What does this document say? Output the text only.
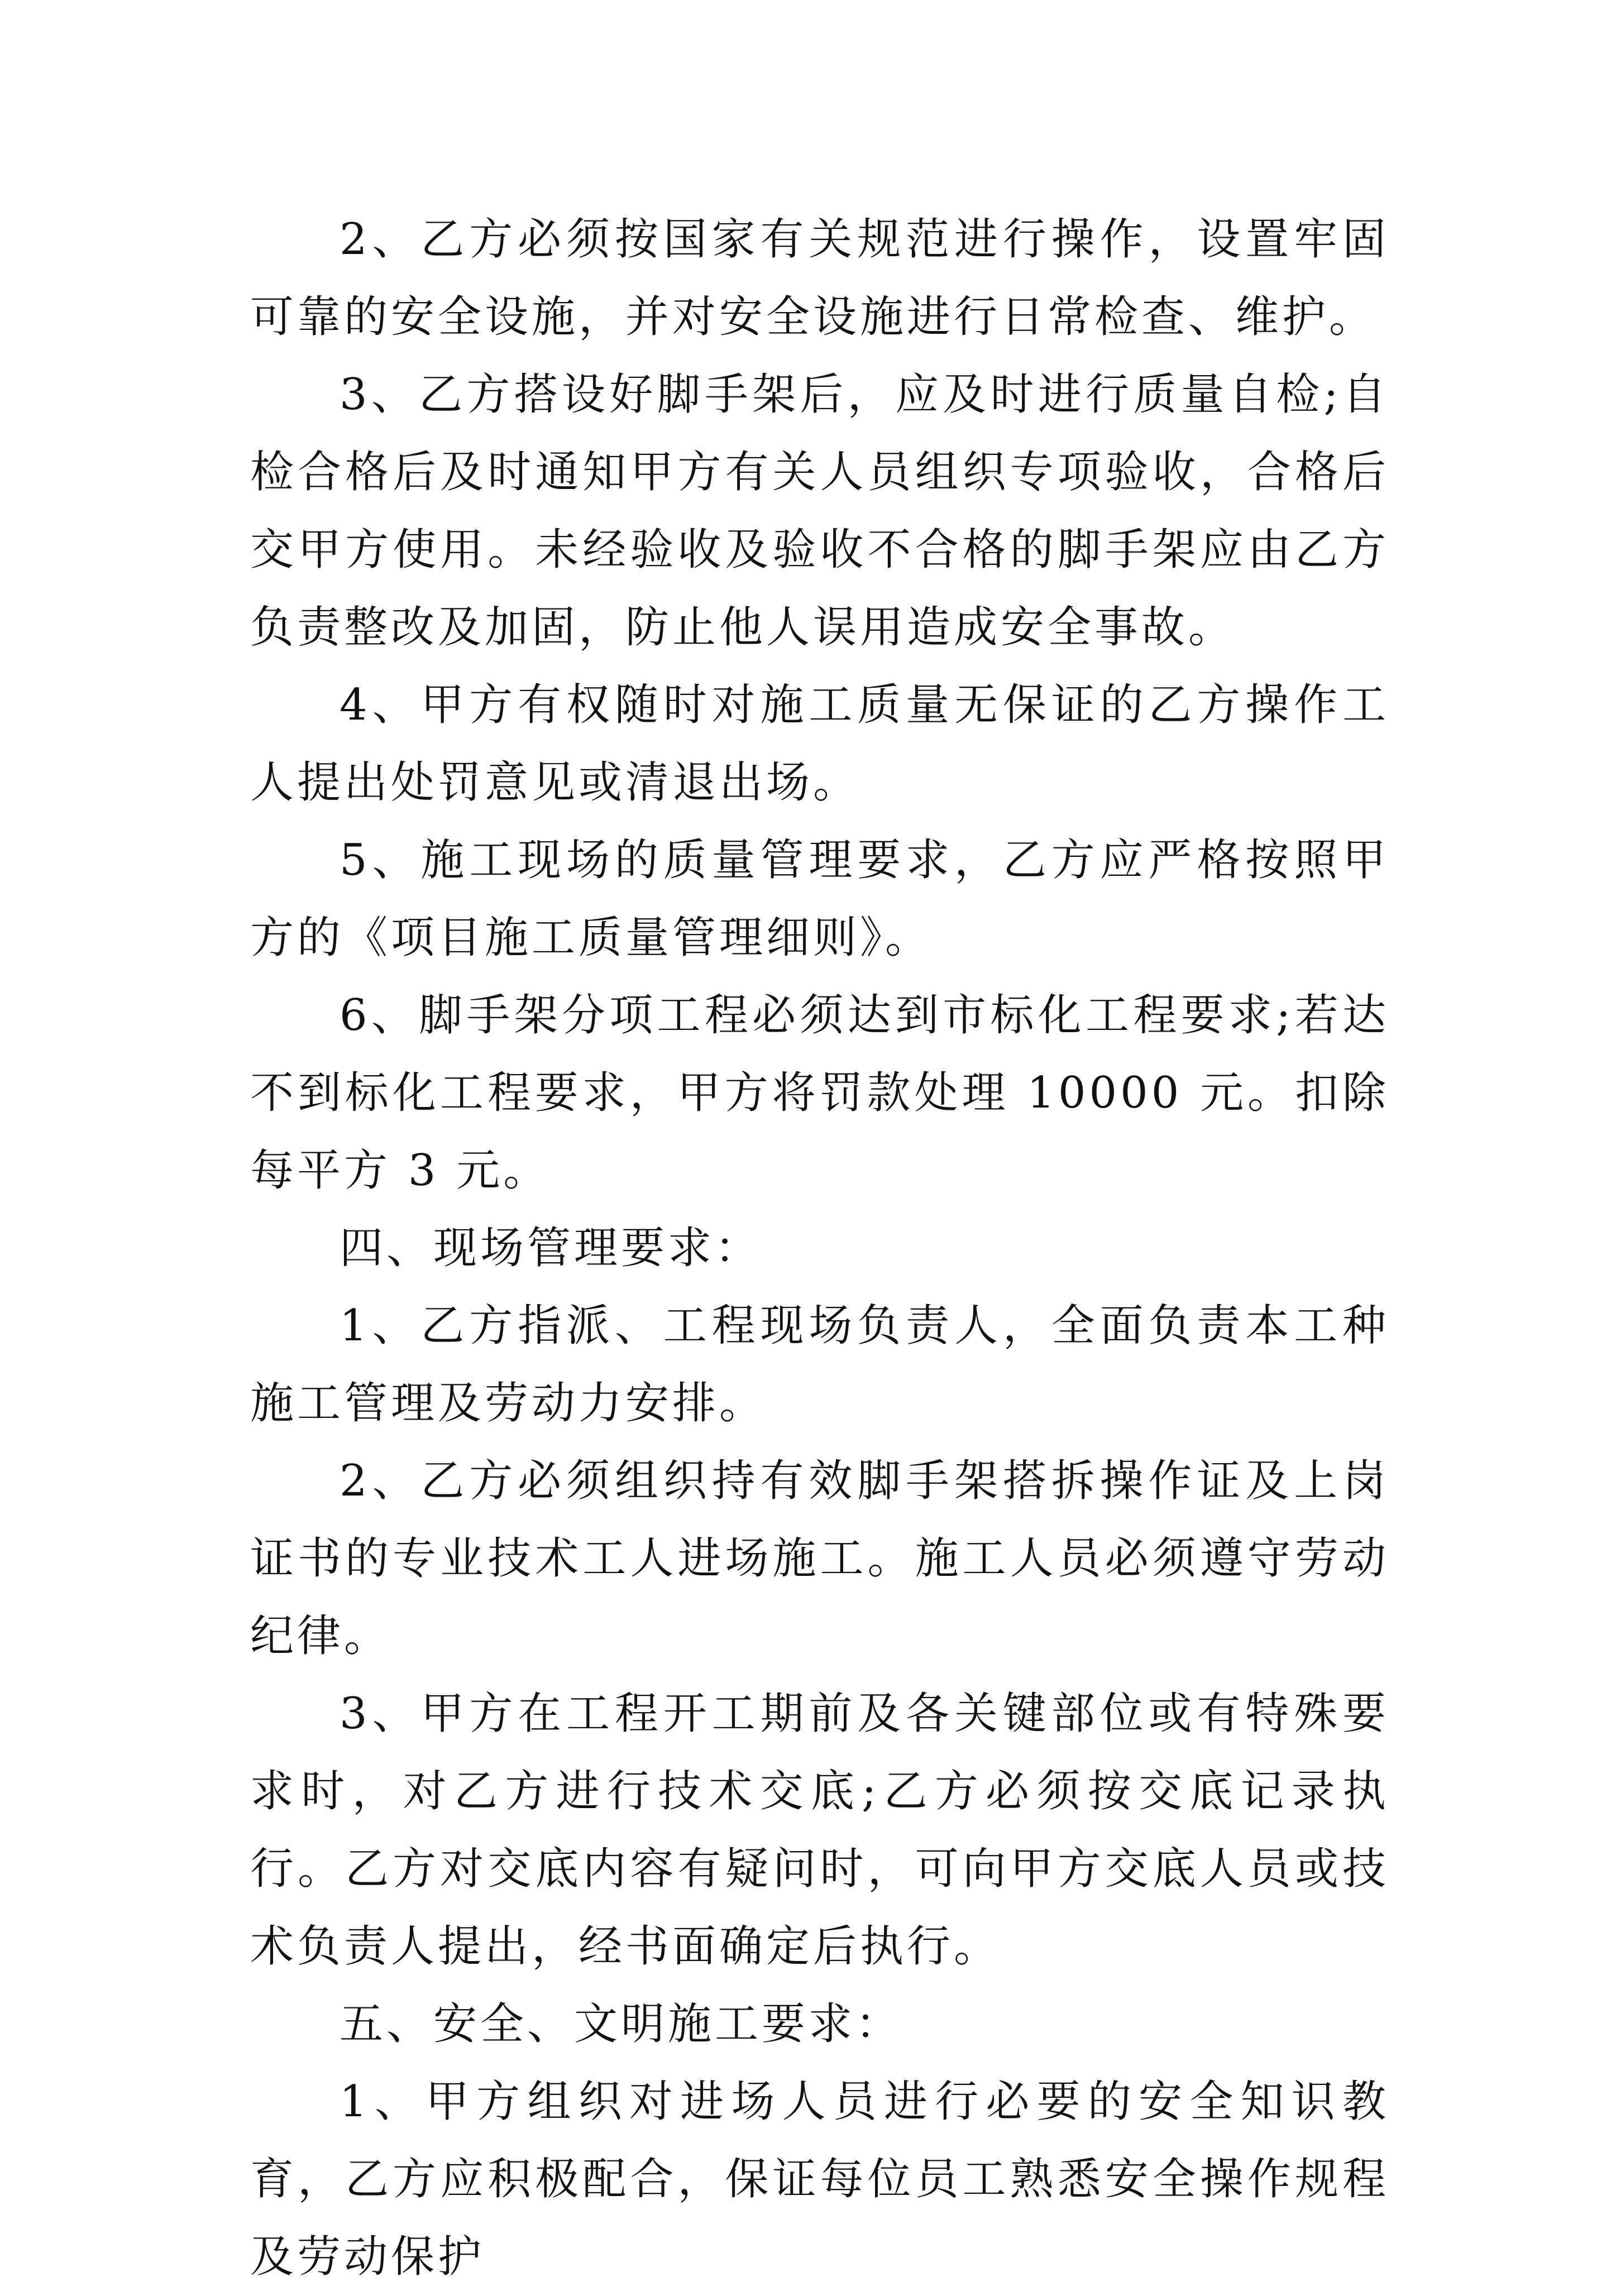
2、乙方必须按国家有关规范进行操作，设置牢固可靠的安全设施，并对安全设施进行日常检查、维护。

3、乙方搭设好脚手架后，应及时进行质量自检;自检合格后及时通知甲方有关人员组织专项验收，合格后交甲方使用。未经验收及验收不合格的脚手架应由乙方负责整改及加固，防止他人误用造成安全事故。

4、甲方有权随时对施工质量无保证的乙方操作工人提出处罚意见或清退出场。

5、施工现场的质量管理要求，乙方应严格按照甲方的《项目施工质量管理细则》。

6、脚手架分项工程必须达到市标化工程要求;若达不到标化工程要求，甲方将罚款处理 10000 元。扣除每平方 3 元。

四、现场管理要求：

1、乙方指派、工程现场负责人，全面负责本工种施工管理及劳动力安排。

2、乙方必须组织持有效脚手架搭拆操作证及上岗证书的专业技术工人进场施工。施工人员必须遵守劳动纪律。

3、甲方在工程开工期前及各关键部位或有特殊要求时，对乙方进行技术交底;乙方必须按交底记录执行。乙方对交底内容有疑问时，可向甲方交底人员或技术负责人提出，经书面确定后执行。

五、安全、文明施工要求：

1、甲方组织对进场人员进行必要的安全知识教育，乙方应积极配合，保证每位员工熟悉安全操作规程及劳动保护
